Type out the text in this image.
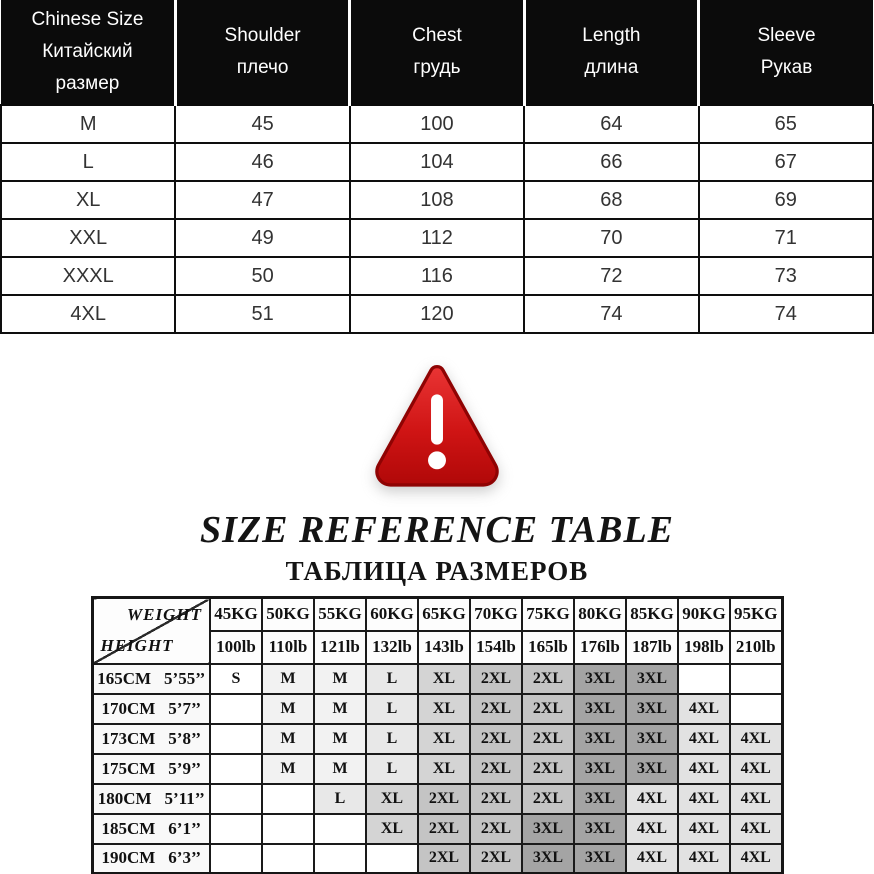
Chinese Size
Китайский размер

Shoulder
плечо

Chest
грудь

Length
длина

Sleeve
Рукав

M	45	100	64	65
L	46	104	66	67
XL	47	108	68	69
XXL	49	112	70	71
XXXL	50	116	72	73
4XL	51	120	74	74
SIZE REFERENCE TABLE
ТАБЛИЦА РАЗМЕРОВ
WEIGHT
HEIGHT	45KG	50KG	55KG	60KG	65KG	70KG	75KG	80KG	85KG	90KG	95KG
	100lb	110lb	121lb	132lb	143lb	154lb	165lb	176lb	187lb	198lb	210lb

165CM 5’55’’	S	M	M	L	XL	2XL	2XL	3XL	3XL		

170CM 5’7’’		M	M	L	XL	2XL	2XL	3XL	3XL	4XL	

173CM 5’8’’		M	M	L	XL	2XL	2XL	3XL	3XL	4XL	4XL

175CM 5’9’’		M	M	L	XL	2XL	2XL	3XL	3XL	4XL	4XL

180CM 5’11’’			L	XL	2XL	2XL	2XL	3XL	4XL	4XL	4XL

185CM 6’1’’				XL	2XL	2XL	3XL	3XL	4XL	4XL	4XL

190CM 6’3’’					2XL	2XL	3XL	3XL	4XL	4XL	4XL
